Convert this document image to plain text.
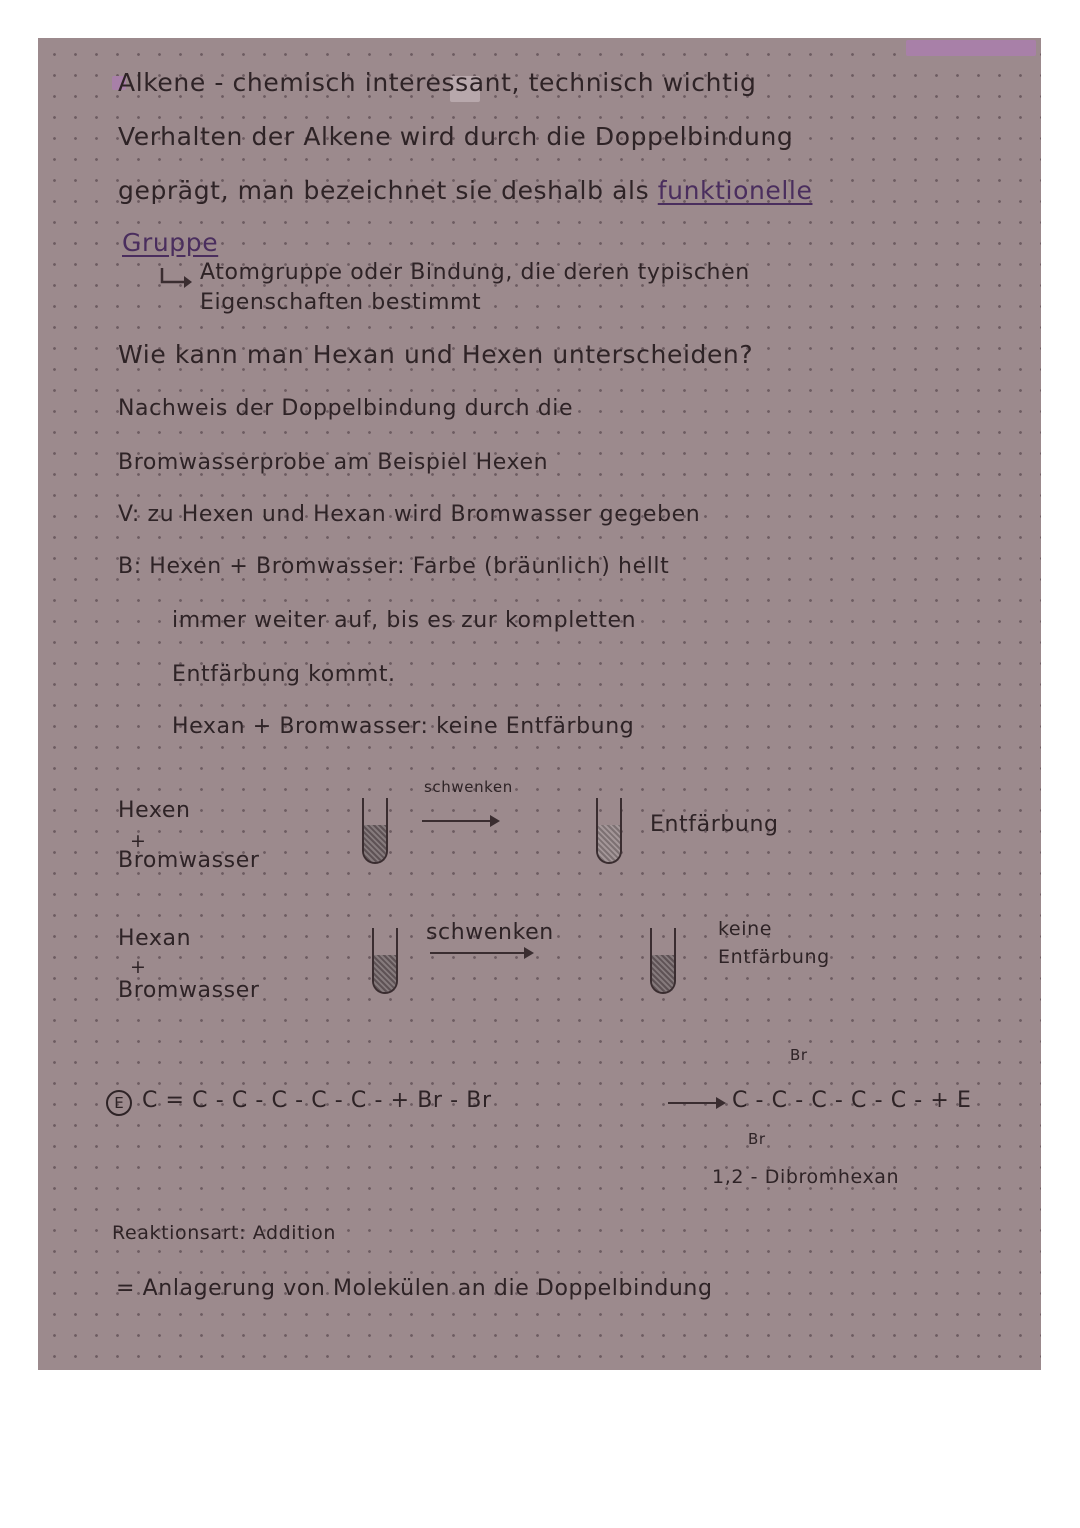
Alkene - chemisch interessant, technisch wichtig
Verhalten der Alkene wird durch die Doppelbindung
geprägt, man bezeichnet sie deshalb als funktionelle
Gruppe
Atomgruppe oder Bindung, die deren typischen
Eigenschaften bestimmt
Wie kann man Hexan und Hexen unterscheiden?
Nachweis der Doppelbindung durch die
Bromwasserprobe am Beispiel Hexen
V: zu Hexen und Hexan wird Bromwasser gegeben
B: Hexen + Bromwasser: Farbe (bräunlich) hellt
immer weiter auf, bis es zur kompletten
Entfärbung kommt.
Hexan + Bromwasser: keine Entfärbung
Hexen
+
Bromwasser
schwenken
Entfärbung
Hexan
+
Bromwasser
schwenken	keine
Entfärbung
E C = C - C - C - C - C - + Br - Br
Br
C - C - C - C - C - + E
Br
1,2 - Dibromhexan
Reaktionsart: Addition
= Anlagerung von Molekülen an die Doppelbindung
